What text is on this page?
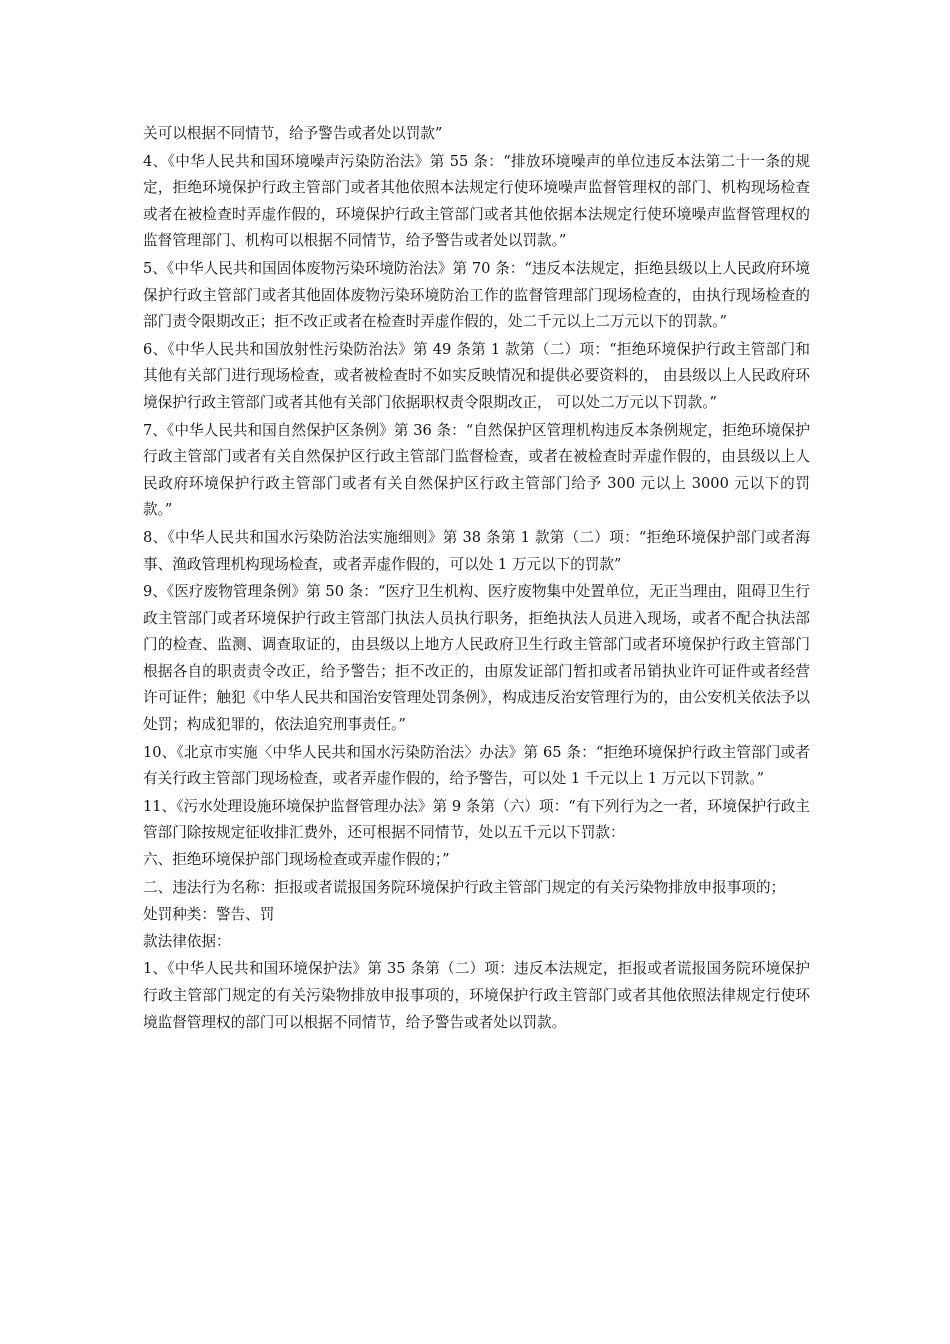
关可以根据不同情节，给予警告或者处以罚款”

4、《中华人民共和国环境噪声污染防治法》第 55 条：“排放环境噪声的单位违反本法第二十一条的规定，拒绝环境保护行政主管部门或者其他依照本法规定行使环境噪声监督管理权的部门、机构现场检查或者在被检查时弄虚作假的，环境保护行政主管部门或者其他依据本法规定行使环境噪声监督管理权的监督管理部门、机构可以根据不同情节，给予警告或者处以罚款。”

5、《中华人民共和国固体废物污染环境防治法》第 70 条：“违反本法规定，拒绝县级以上人民政府环境保护行政主管部门或者其他固体废物污染环境防治工作的监督管理部门现场检查的，由执行现场检查的部门责令限期改正；拒不改正或者在检查时弄虚作假的，处二千元以上二万元以下的罚款。”

6、《中华人民共和国放射性污染防治法》第 49 条第 1 款第（二）项：“拒绝环境保护行政主管部门和其他有关部门进行现场检查，或者被检查时不如实反映情况和提供必要资料的， 由县级以上人民政府环境保护行政主管部门或者其他有关部门依据职权责令限期改正， 可以处二万元以下罚款。”

7、《中华人民共和国自然保护区条例》第 36 条：“自然保护区管理机构违反本条例规定，拒绝环境保护行政主管部门或者有关自然保护区行政主管部门监督检查，或者在被检查时弄虚作假的，由县级以上人民政府环境保护行政主管部门或者有关自然保护区行政主管部门给予 300 元以上 3000 元以下的罚款。”

8、《中华人民共和国水污染防治法实施细则》第 38 条第 1 款第（二）项：“拒绝环境保护部门或者海事、渔政管理机构现场检查，或者弄虚作假的，可以处 1 万元以下的罚款”

9、《医疗废物管理条例》第 50 条：“医疗卫生机构、医疗废物集中处置单位，无正当理由，阻碍卫生行政主管部门或者环境保护行政主管部门执法人员执行职务，拒绝执法人员进入现场，或者不配合执法部门的检查、监测、调查取证的，由县级以上地方人民政府卫生行政主管部门或者环境保护行政主管部门根据各自的职责责令改正，给予警告；拒不改正的，由原发证部门暂扣或者吊销执业许可证件或者经营许可证件；触犯《中华人民共和国治安管理处罚条例》，构成违反治安管理行为的，由公安机关依法予以处罚；构成犯罪的，依法追究刑事责任。”

10、《北京市实施〈中华人民共和国水污染防治法〉办法》第 65 条：“拒绝环境保护行政主管部门或者有关行政主管部门现场检查，或者弄虚作假的，给予警告，可以处 1 千元以上 1 万元以下罚款。”

11、《污水处理设施环境保护监督管理办法》第 9 条第（六）项：“有下列行为之一者，环境保护行政主管部门除按规定征收排汇费外，还可根据不同情节，处以五千元以下罚款：

六、拒绝环境保护部门现场检查或弄虚作假的；”

二、违法行为名称：拒报或者谎报国务院环境保护行政主管部门规定的有关污染物排放申报事项的；

处罚种类：警告、罚

款法律依据：

1、《中华人民共和国环境保护法》第 35 条第（二）项：违反本法规定，拒报或者谎报国务院环境保护行政主管部门规定的有关污染物排放申报事项的，环境保护行政主管部门或者其他依照法律规定行使环境监督管理权的部门可以根据不同情节，给予警告或者处以罚款。
